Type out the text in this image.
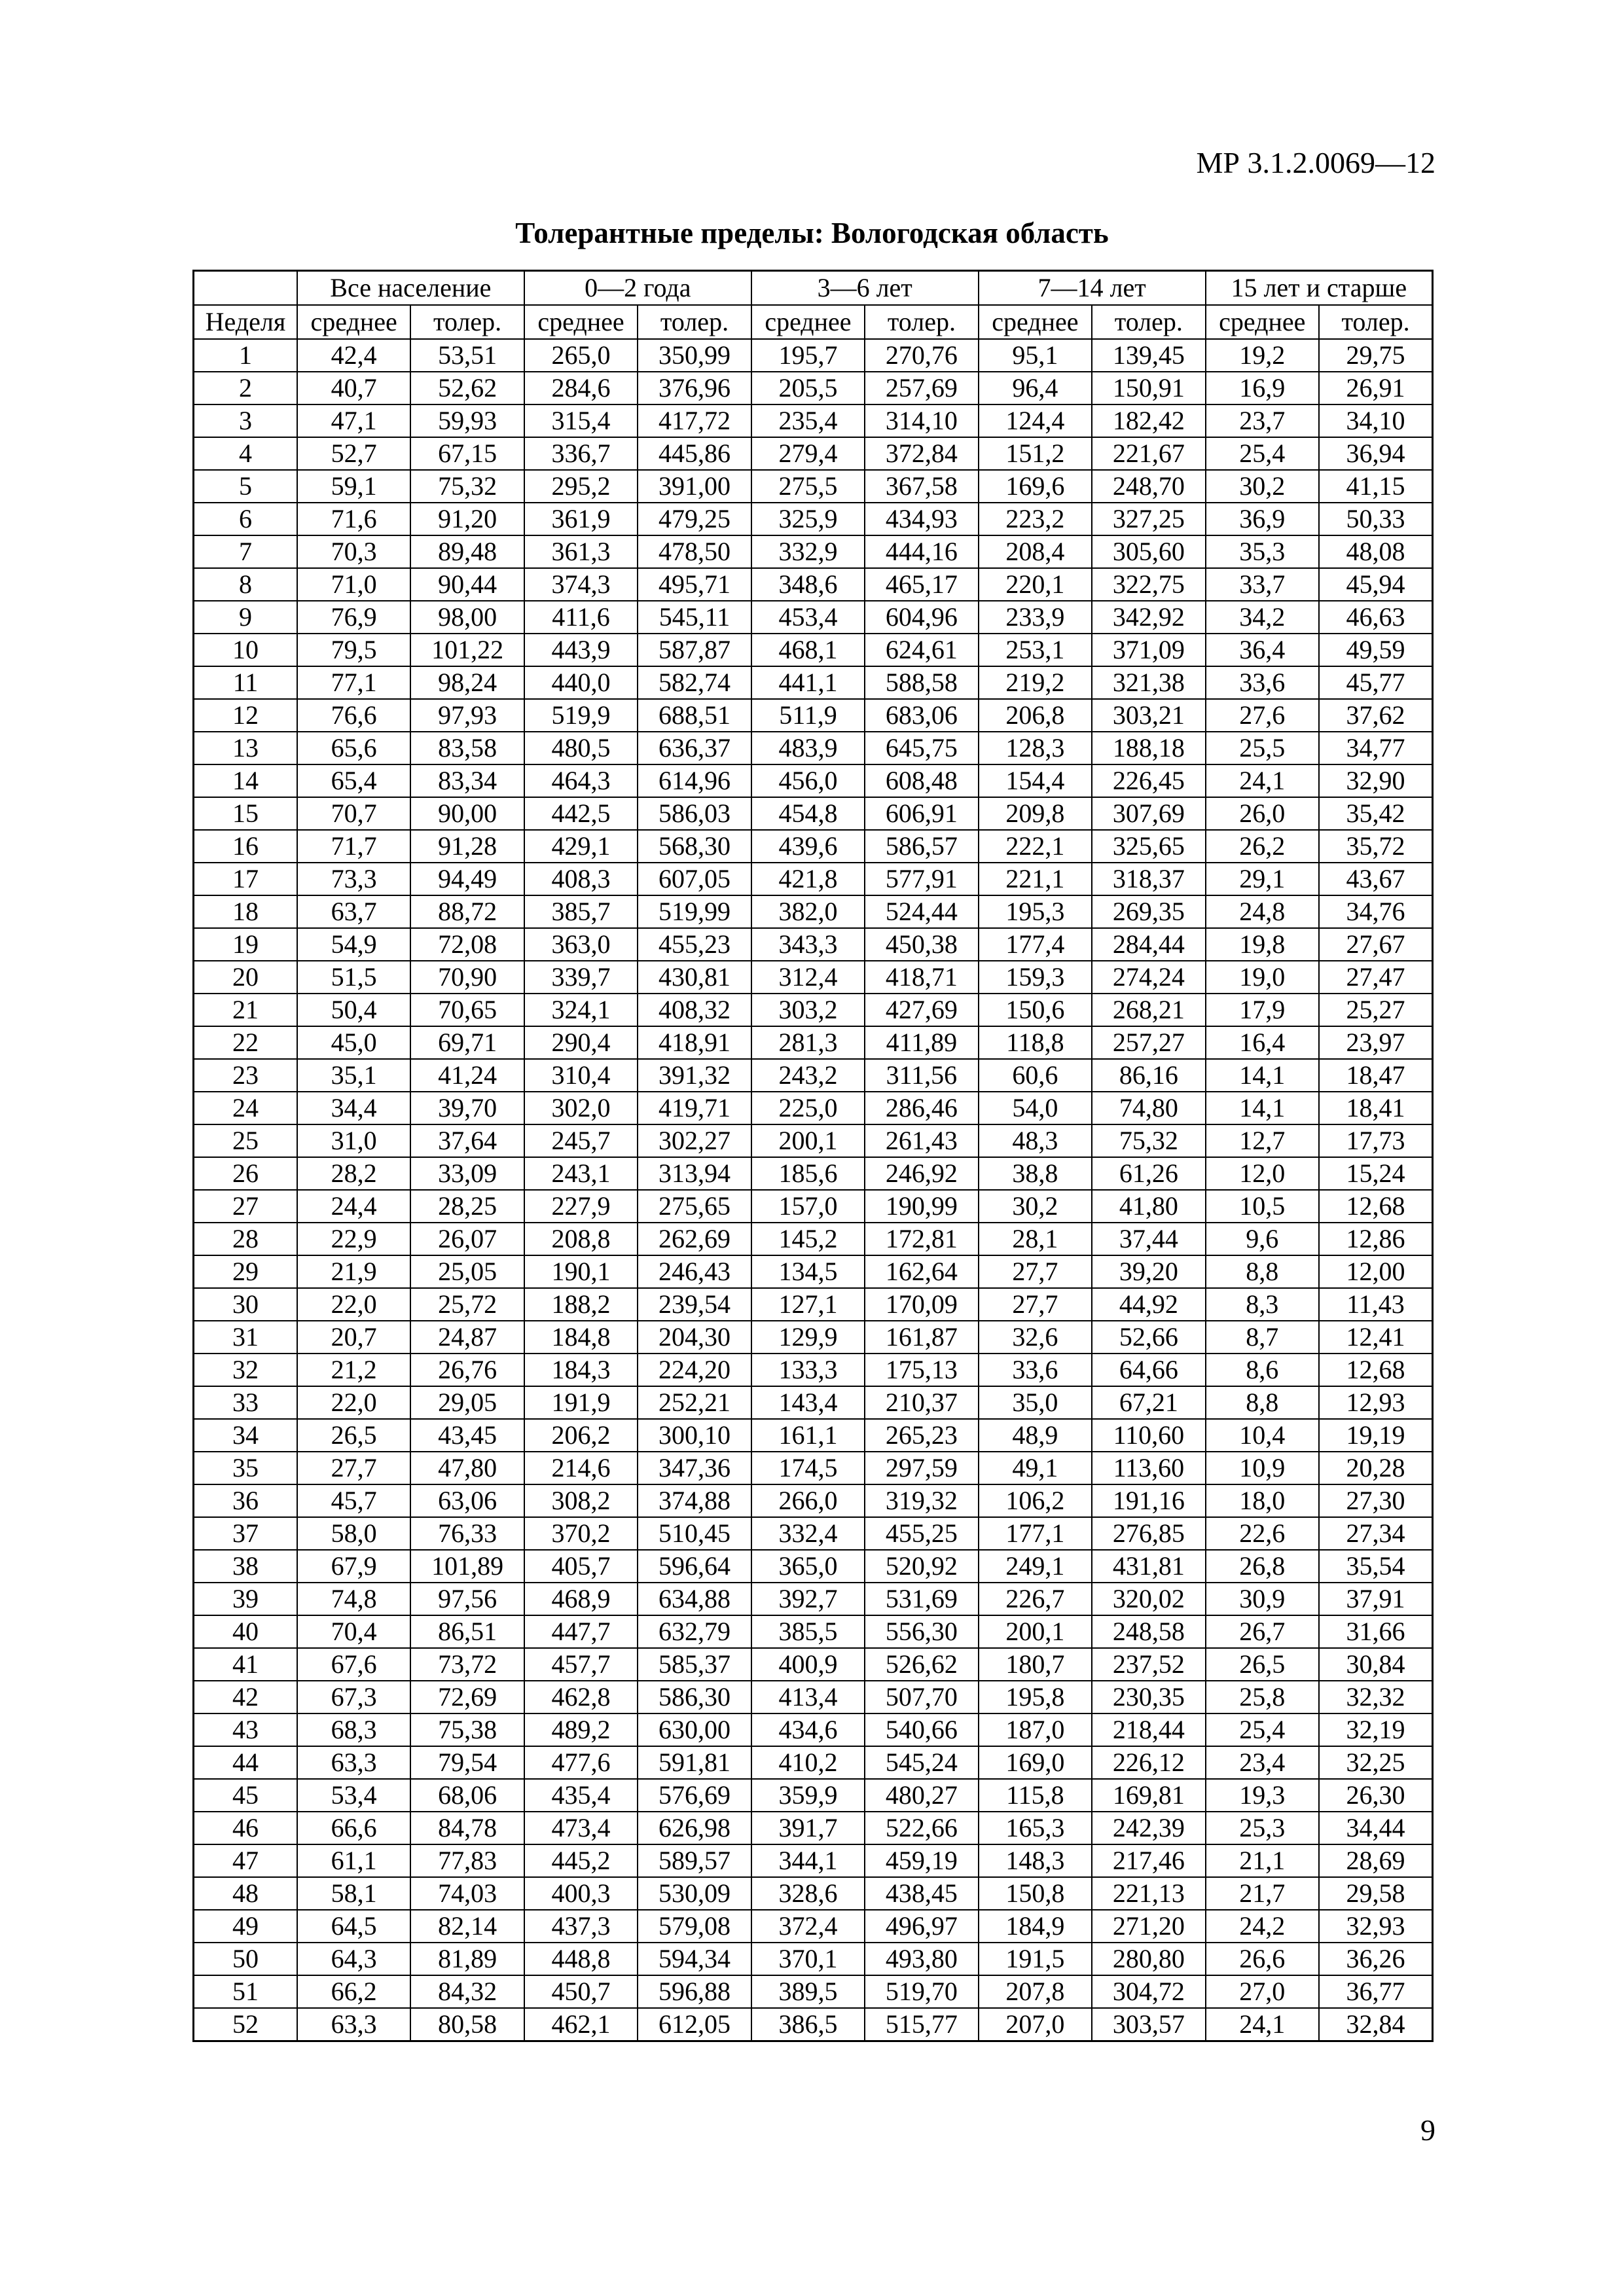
МР 3.1.2.0069—12
Толерантные пределы: Вологодская область
	Все население		0—2 года		3—6 лет		7—14 лет		15 лет и старше	
Неделя	среднее	толер.	среднее	толер.	среднее	толер.	среднее	толер.	среднее	толер.
1	42,4	53,51	265,0	350,99	195,7	270,76	95,1	139,45	19,2	29,75
2	40,7	52,62	284,6	376,96	205,5	257,69	96,4	150,91	16,9	26,91
3	47,1	59,93	315,4	417,72	235,4	314,10	124,4	182,42	23,7	34,10
4	52,7	67,15	336,7	445,86	279,4	372,84	151,2	221,67	25,4	36,94
5	59,1	75,32	295,2	391,00	275,5	367,58	169,6	248,70	30,2	41,15
6	71,6	91,20	361,9	479,25	325,9	434,93	223,2	327,25	36,9	50,33
7	70,3	89,48	361,3	478,50	332,9	444,16	208,4	305,60	35,3	48,08
8	71,0	90,44	374,3	495,71	348,6	465,17	220,1	322,75	33,7	45,94
9	76,9	98,00	411,6	545,11	453,4	604,96	233,9	342,92	34,2	46,63
10	79,5	101,22	443,9	587,87	468,1	624,61	253,1	371,09	36,4	49,59
11	77,1	98,24	440,0	582,74	441,1	588,58	219,2	321,38	33,6	45,77
12	76,6	97,93	519,9	688,51	511,9	683,06	206,8	303,21	27,6	37,62
13	65,6	83,58	480,5	636,37	483,9	645,75	128,3	188,18	25,5	34,77
14	65,4	83,34	464,3	614,96	456,0	608,48	154,4	226,45	24,1	32,90
15	70,7	90,00	442,5	586,03	454,8	606,91	209,8	307,69	26,0	35,42
16	71,7	91,28	429,1	568,30	439,6	586,57	222,1	325,65	26,2	35,72
17	73,3	94,49	408,3	607,05	421,8	577,91	221,1	318,37	29,1	43,67
18	63,7	88,72	385,7	519,99	382,0	524,44	195,3	269,35	24,8	34,76
19	54,9	72,08	363,0	455,23	343,3	450,38	177,4	284,44	19,8	27,67
20	51,5	70,90	339,7	430,81	312,4	418,71	159,3	274,24	19,0	27,47
21	50,4	70,65	324,1	408,32	303,2	427,69	150,6	268,21	17,9	25,27
22	45,0	69,71	290,4	418,91	281,3	411,89	118,8	257,27	16,4	23,97
23	35,1	41,24	310,4	391,32	243,2	311,56	60,6	86,16	14,1	18,47
24	34,4	39,70	302,0	419,71	225,0	286,46	54,0	74,80	14,1	18,41
25	31,0	37,64	245,7	302,27	200,1	261,43	48,3	75,32	12,7	17,73
26	28,2	33,09	243,1	313,94	185,6	246,92	38,8	61,26	12,0	15,24
27	24,4	28,25	227,9	275,65	157,0	190,99	30,2	41,80	10,5	12,68
28	22,9	26,07	208,8	262,69	145,2	172,81	28,1	37,44	9,6	12,86
29	21,9	25,05	190,1	246,43	134,5	162,64	27,7	39,20	8,8	12,00
30	22,0	25,72	188,2	239,54	127,1	170,09	27,7	44,92	8,3	11,43
31	20,7	24,87	184,8	204,30	129,9	161,87	32,6	52,66	8,7	12,41
32	21,2	26,76	184,3	224,20	133,3	175,13	33,6	64,66	8,6	12,68
33	22,0	29,05	191,9	252,21	143,4	210,37	35,0	67,21	8,8	12,93
34	26,5	43,45	206,2	300,10	161,1	265,23	48,9	110,60	10,4	19,19
35	27,7	47,80	214,6	347,36	174,5	297,59	49,1	113,60	10,9	20,28
36	45,7	63,06	308,2	374,88	266,0	319,32	106,2	191,16	18,0	27,30
37	58,0	76,33	370,2	510,45	332,4	455,25	177,1	276,85	22,6	27,34
38	67,9	101,89	405,7	596,64	365,0	520,92	249,1	431,81	26,8	35,54
39	74,8	97,56	468,9	634,88	392,7	531,69	226,7	320,02	30,9	37,91
40	70,4	86,51	447,7	632,79	385,5	556,30	200,1	248,58	26,7	31,66
41	67,6	73,72	457,7	585,37	400,9	526,62	180,7	237,52	26,5	30,84
42	67,3	72,69	462,8	586,30	413,4	507,70	195,8	230,35	25,8	32,32
43	68,3	75,38	489,2	630,00	434,6	540,66	187,0	218,44	25,4	32,19
44	63,3	79,54	477,6	591,81	410,2	545,24	169,0	226,12	23,4	32,25
45	53,4	68,06	435,4	576,69	359,9	480,27	115,8	169,81	19,3	26,30
46	66,6	84,78	473,4	626,98	391,7	522,66	165,3	242,39	25,3	34,44
47	61,1	77,83	445,2	589,57	344,1	459,19	148,3	217,46	21,1	28,69
48	58,1	74,03	400,3	530,09	328,6	438,45	150,8	221,13	21,7	29,58
49	64,5	82,14	437,3	579,08	372,4	496,97	184,9	271,20	24,2	32,93
50	64,3	81,89	448,8	594,34	370,1	493,80	191,5	280,80	26,6	36,26
51	66,2	84,32	450,7	596,88	389,5	519,70	207,8	304,72	27,0	36,77
52	63,3	80,58	462,1	612,05	386,5	515,77	207,0	303,57	24,1	32,84
9
